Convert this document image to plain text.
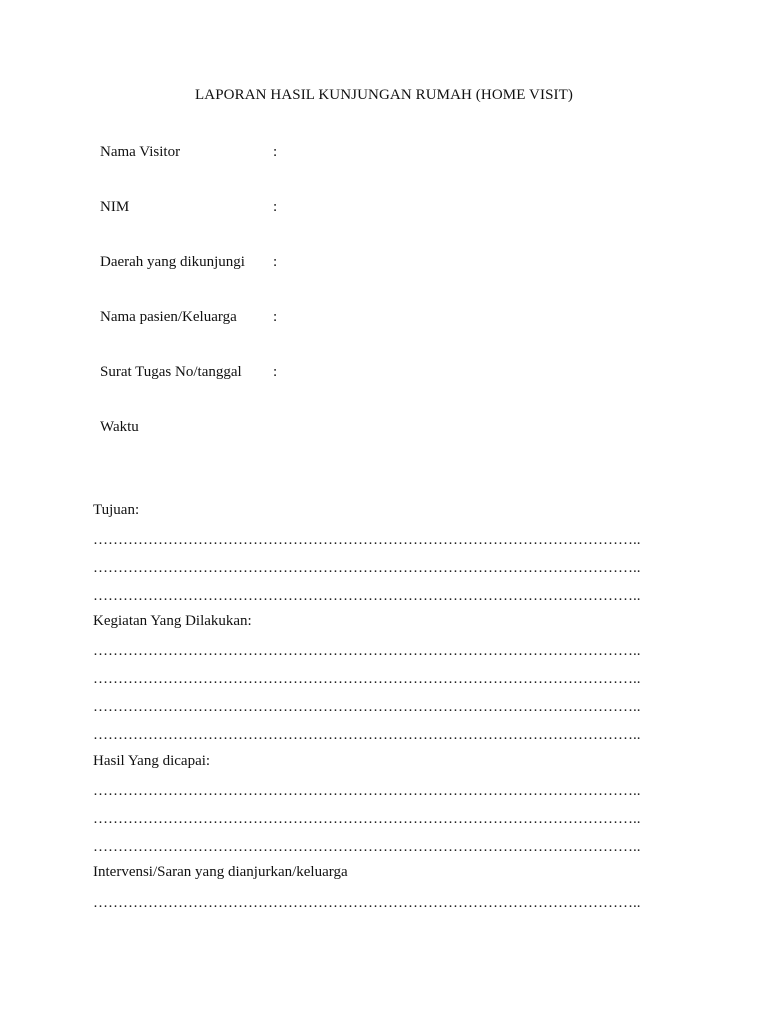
LAPORAN HASIL KUNJUNGAN RUMAH (HOME VISIT)
Nama Visitor	:
NIM	:
Daerah yang dikunjungi :
Nama pasien/Keluarga :
Surat Tugas No/tanggal :
Waktu
Tujuan:
………………………………………………………………………………………………..
………………………………………………………………………………………………..
………………………………………………………………………………………………..
Kegiatan Yang Dilakukan:
………………………………………………………………………………………………..
………………………………………………………………………………………………..
………………………………………………………………………………………………..
………………………………………………………………………………………………..
Hasil Yang dicapai:
………………………………………………………………………………………………..
………………………………………………………………………………………………..
………………………………………………………………………………………………..
Intervensi/Saran yang dianjurkan/keluarga
………………………………………………………………………………………………..
